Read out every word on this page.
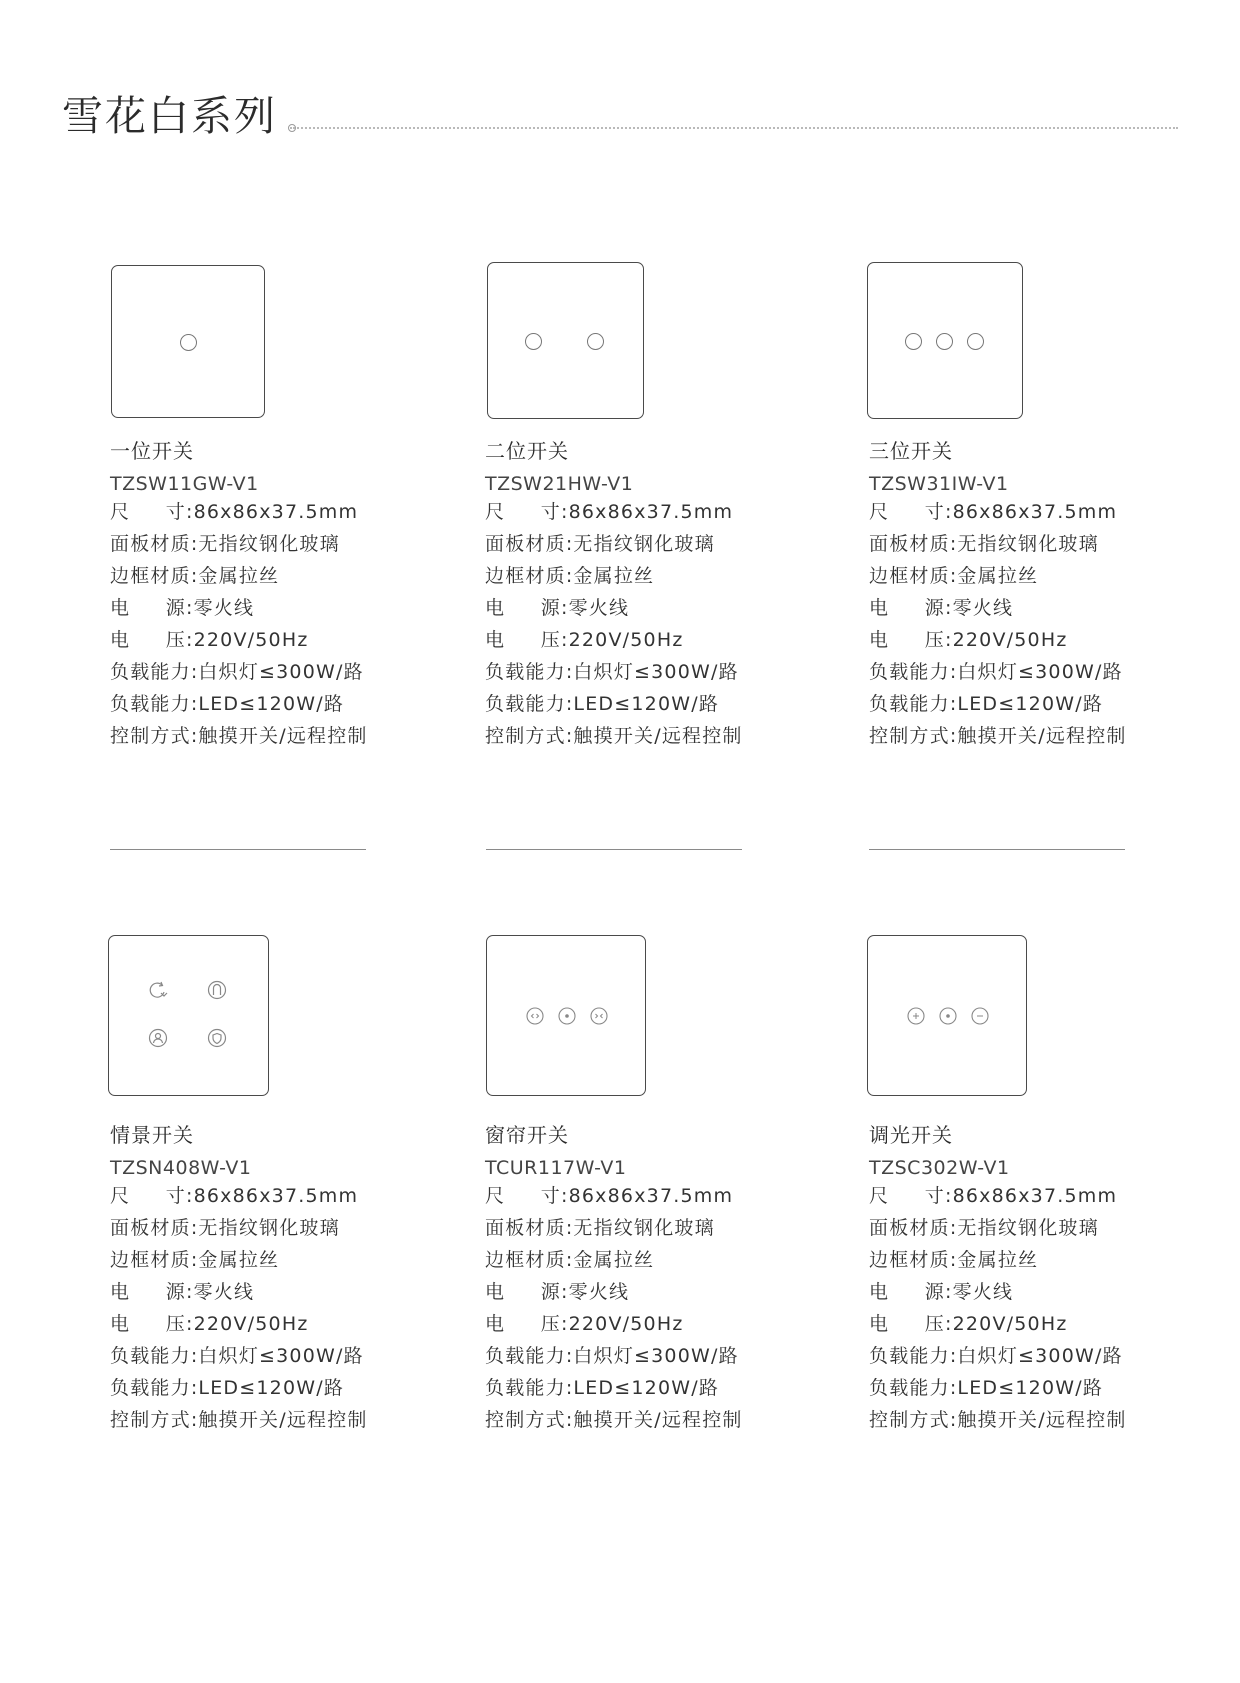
雪花白系列
一位开关
TZSW11GW-V1
尺 寸:86x86x37.5mm
面板材质:无指纹钢化玻璃
边框材质:金属拉丝
电 源:零火线
电 压:220V/50Hz
负载能力:白炽灯≤300W/路
负载能力:LED≤120W/路
控制方式:触摸开关/远程控制
二位开关
TZSW21HW-V1
尺 寸:86x86x37.5mm
面板材质:无指纹钢化玻璃
边框材质:金属拉丝
电 源:零火线
电 压:220V/50Hz
负载能力:白炽灯≤300W/路
负载能力:LED≤120W/路
控制方式:触摸开关/远程控制
三位开关
TZSW31IW-V1
尺 寸:86x86x37.5mm
面板材质:无指纹钢化玻璃
边框材质:金属拉丝
电 源:零火线
电 压:220V/50Hz
负载能力:白炽灯≤300W/路
负载能力:LED≤120W/路
控制方式:触摸开关/远程控制
情景开关
TZSN408W-V1
尺 寸:86x86x37.5mm
面板材质:无指纹钢化玻璃
边框材质:金属拉丝
电 源:零火线
电 压:220V/50Hz
负载能力:白炽灯≤300W/路
负载能力:LED≤120W/路
控制方式:触摸开关/远程控制
窗帘开关
TCUR117W-V1
尺 寸:86x86x37.5mm
面板材质:无指纹钢化玻璃
边框材质:金属拉丝
电 源:零火线
电 压:220V/50Hz
负载能力:白炽灯≤300W/路
负载能力:LED≤120W/路
控制方式:触摸开关/远程控制
调光开关
TZSC302W-V1
尺 寸:86x86x37.5mm
面板材质:无指纹钢化玻璃
边框材质:金属拉丝
电 源:零火线
电 压:220V/50Hz
负载能力:白炽灯≤300W/路
负载能力:LED≤120W/路
控制方式:触摸开关/远程控制
